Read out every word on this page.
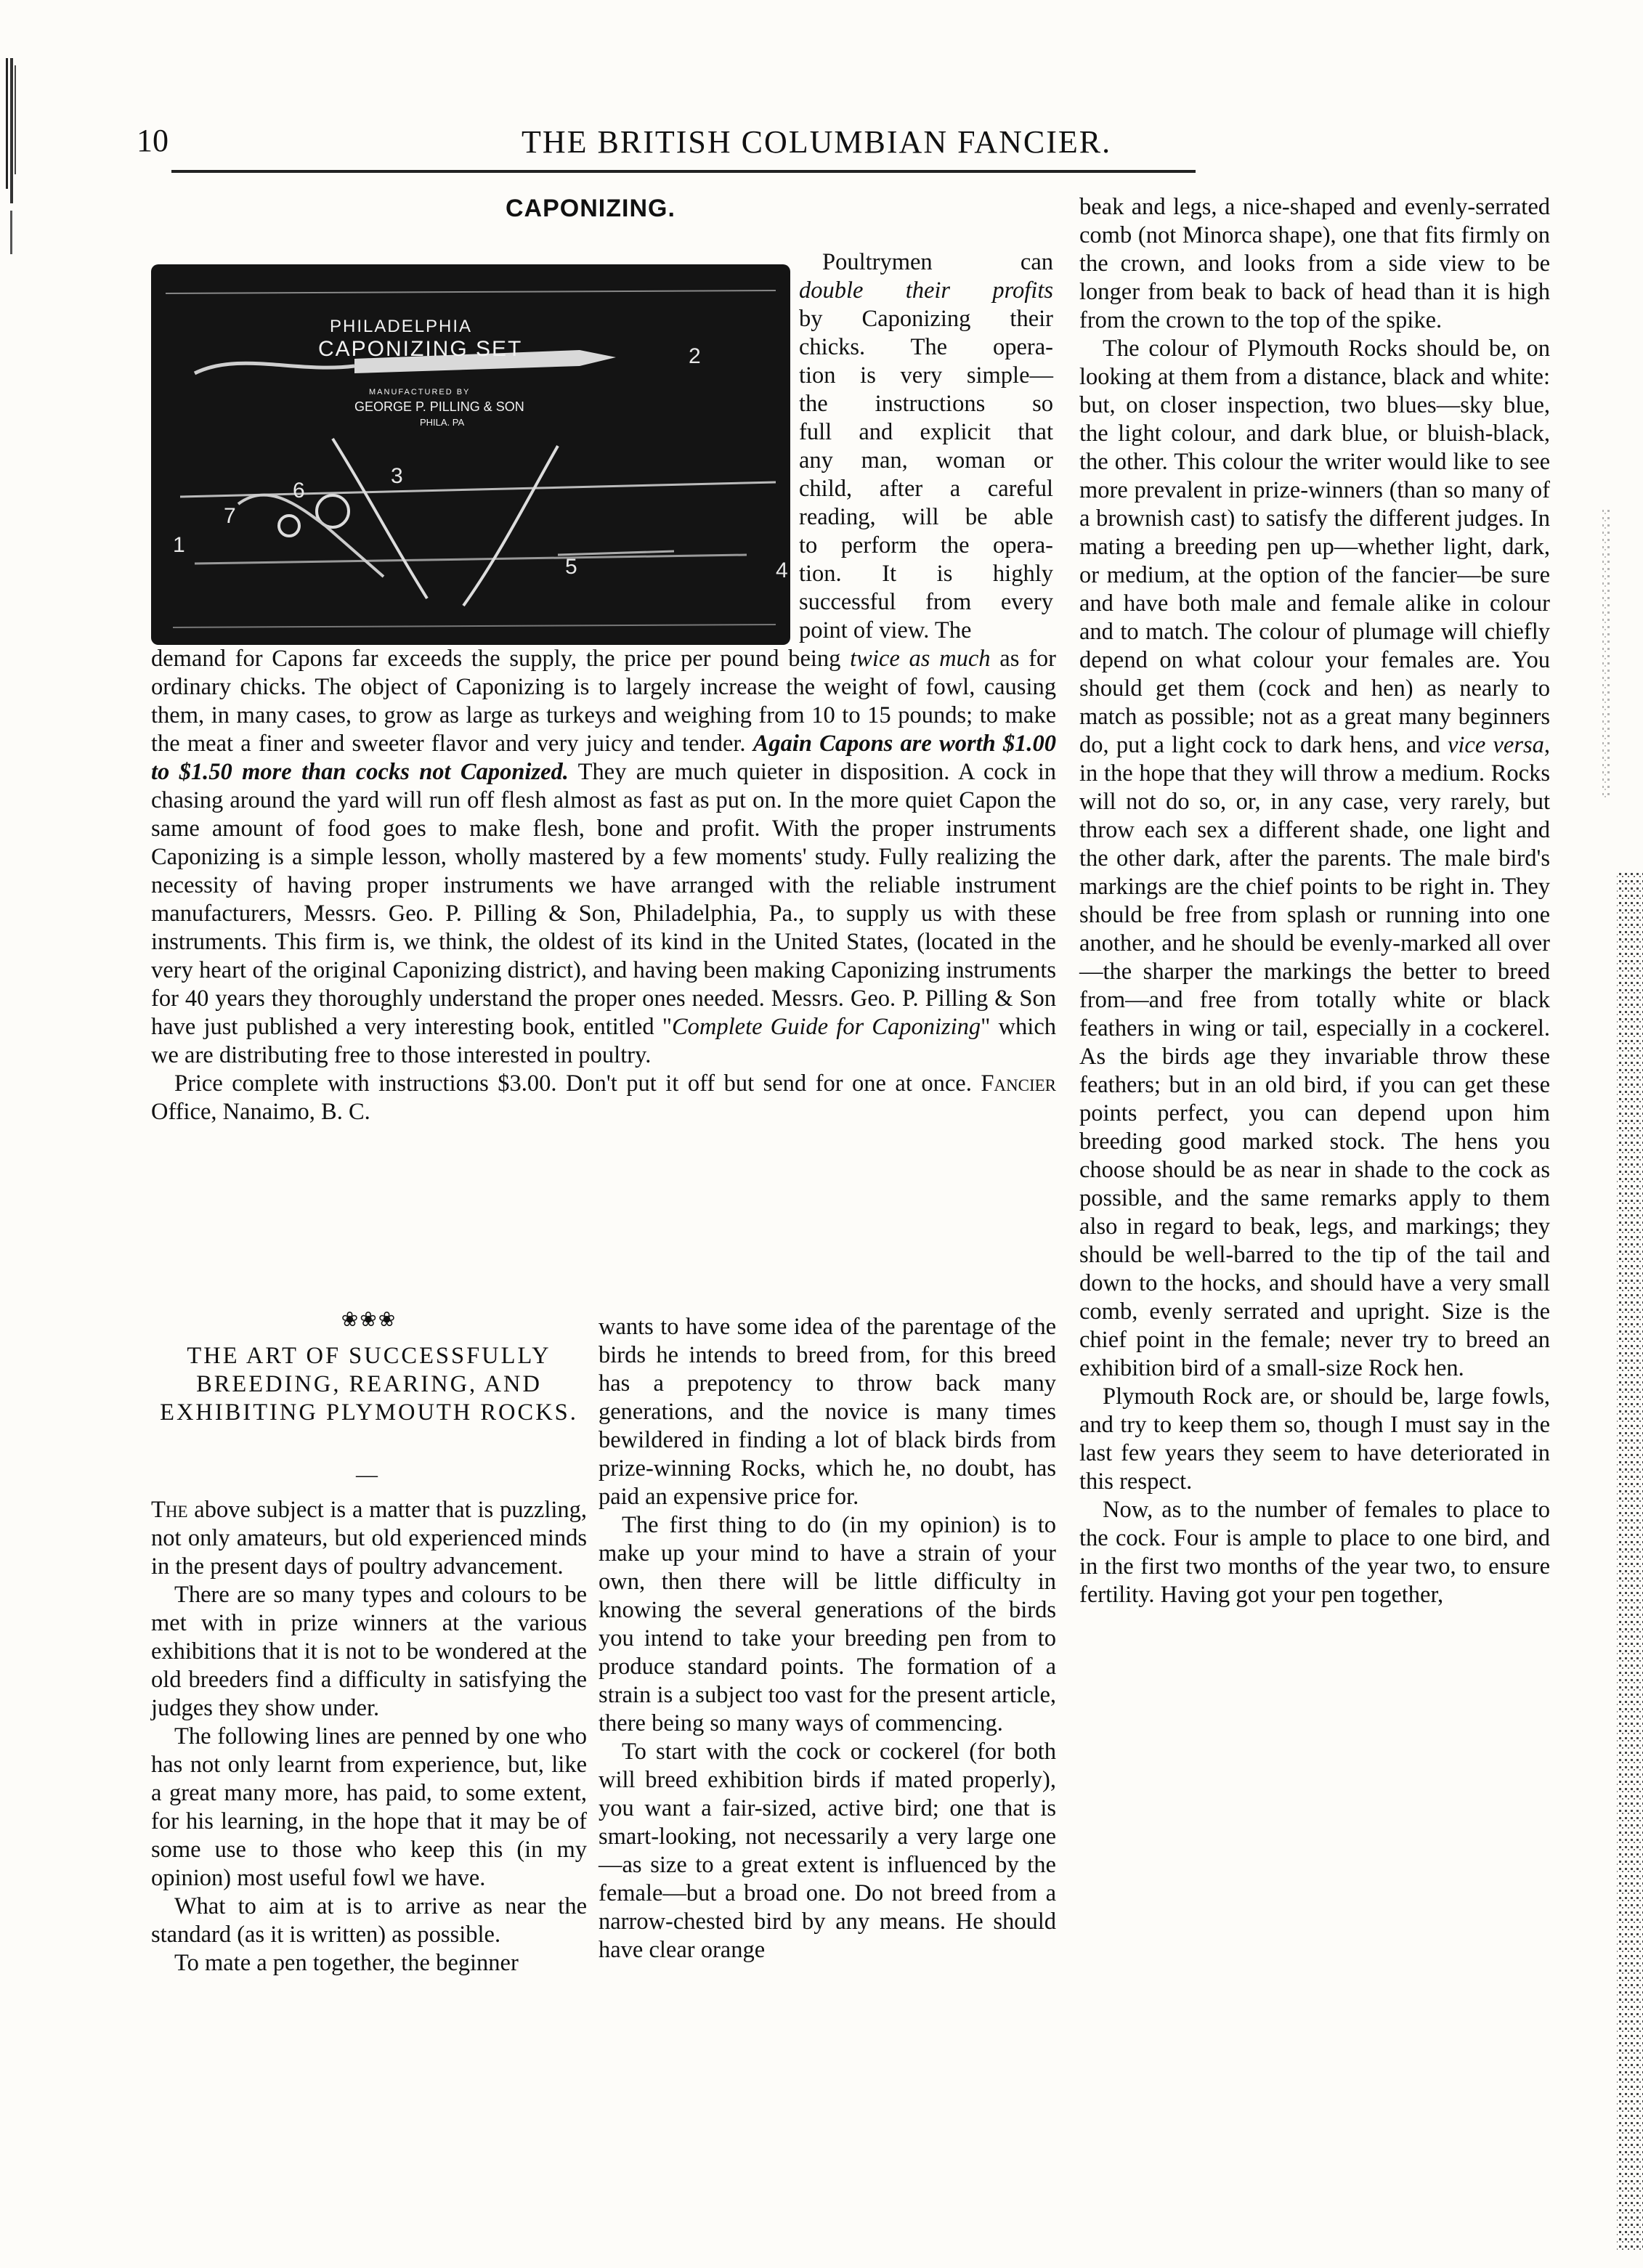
10	THE BRITISH COLUMBIAN FANCIER.
CAPONIZING.
PHILADELPHIA
CAPONIZING SET
MANUFACTURED BY
GEORGE P. PILLING & SON
PHILA. PA
1
2
3
4
5
6
7
Poultrymen can
double their profits
by Caponizing their
chicks. The opera-
tion is very simple—
the instructions so
full and explicit that
any man, woman or
child, after a careful
reading, will be able
to perform the opera-
tion. It is highly
successful from every
point of view. The

demand for Capons far exceeds the supply, the price per pound being twice as much as for ordinary chicks. The object of Caponizing is to largely increase the weight of fowl, causing them, in many cases, to grow as large as turkeys and weighing from 10 to 15 pounds; to make the meat a finer and sweeter flavor and very juicy and tender. Again Capons are worth $1.00 to $1.50 more than cocks not Caponized. They are much quieter in disposition. A cock in chasing around the yard will run off flesh almost as fast as put on. In the more quiet Capon the same amount of food goes to make flesh, bone and profit. With the proper instruments Caponizing is a simple lesson, wholly mastered by a few moments' study. Fully realizing the necessity of having proper instruments we have arranged with the reliable instrument manufacturers, Messrs. Geo. P. Pilling & Son, Philadelphia, Pa., to supply us with these instruments. This firm is, we think, the oldest of its kind in the United States, (located in the very heart of the original Caponizing district), and having been making Caponizing instruments for 40 years they thoroughly understand the proper ones needed. Messrs. Geo. P. Pilling & Son have just published a very interesting book, entitled "Complete Guide for Caponizing" which we are distributing free to those interested in poultry.

Price complete with instructions $3.00. Don't put it off but send for one at once. Fancier Office, Nanaimo, B. C.

❀❀❀
THE ART OF SUCCESSFULLY BREEDING, REARING, AND EXHIBITING PLYMOUTH ROCKS.
—

The above subject is a matter that is puzzling, not only amateurs, but old experienced minds in the present days of poultry advancement.

There are so many types and colours to be met with in prize winners at the various exhibitions that it is not to be wondered at the old breeders find a difficulty in satisfying the judges they show under.

The following lines are penned by one who has not only learnt from experience, but, like a great many more, has paid, to some extent, for his learning, in the hope that it may be of some use to those who keep this (in my opinion) most useful fowl we have.

What to aim at is to arrive as near the standard (as it is written) as possible.

To mate a pen together, the beginner

wants to have some idea of the parentage of the birds he intends to breed from, for this breed has a prepotency to throw back many generations, and the novice is many times bewildered in finding a lot of black birds from prize-winning Rocks, which he, no doubt, has paid an expensive price for.

The first thing to do (in my opinion) is to make up your mind to have a strain of your own, then there will be little difficulty in knowing the several generations of the birds you intend to take your breeding pen from to produce standard points. The formation of a strain is a subject too vast for the present article, there being so many ways of commencing.

To start with the cock or cockerel (for both will breed exhibition birds if mated properly), you want a fair-sized, active bird; one that is smart-looking, not necessarily a very large one—as size to a great extent is influenced by the female—but a broad one. Do not breed from a narrow-chested bird by any means. He should have clear orange

beak and legs, a nice-shaped and evenly-serrated comb (not Minorca shape), one that fits firmly on the crown, and looks from a side view to be longer from beak to back of head than it is high from the crown to the top of the spike.

The colour of Plymouth Rocks should be, on looking at them from a distance, black and white: but, on closer inspection, two blues—sky blue, the light colour, and dark blue, or bluish-black, the other. This colour the writer would like to see more prevalent in prize-winners (than so many of a brownish cast) to satisfy the different judges. In mating a breeding pen up—whether light, dark, or medium, at the option of the fancier—be sure and have both male and female alike in colour and to match. The colour of plumage will chiefly depend on what colour your females are. You should get them (cock and hen) as nearly to match as possible; not as a great many beginners do, put a light cock to dark hens, and vice versa, in the hope that they will throw a medium. Rocks will not do so, or, in any case, very rarely, but throw each sex a different shade, one light and the other dark, after the parents. The male bird's markings are the chief points to be right in. They should be free from splash or running into one another, and he should be evenly-marked all over—the sharper the markings the better to breed from—and free from totally white or black feathers in wing or tail, especially in a cockerel. As the birds age they invariable throw these feathers; but in an old bird, if you can get these points perfect, you can depend upon him breeding good marked stock. The hens you choose should be as near in shade to the cock as possible, and the same remarks apply to them also in regard to beak, legs, and markings; they should be well-barred to the tip of the tail and down to the hocks, and should have a very small comb, evenly serrated and upright. Size is the chief point in the female; never try to breed an exhibition bird of a small-size Rock hen.

Plymouth Rock are, or should be, large fowls, and try to keep them so, though I must say in the last few years they seem to have deteriorated in this respect.

Now, as to the number of females to place to the cock. Four is ample to place to one bird, and in the first two months of the year two, to ensure fertility. Having got your pen together,
